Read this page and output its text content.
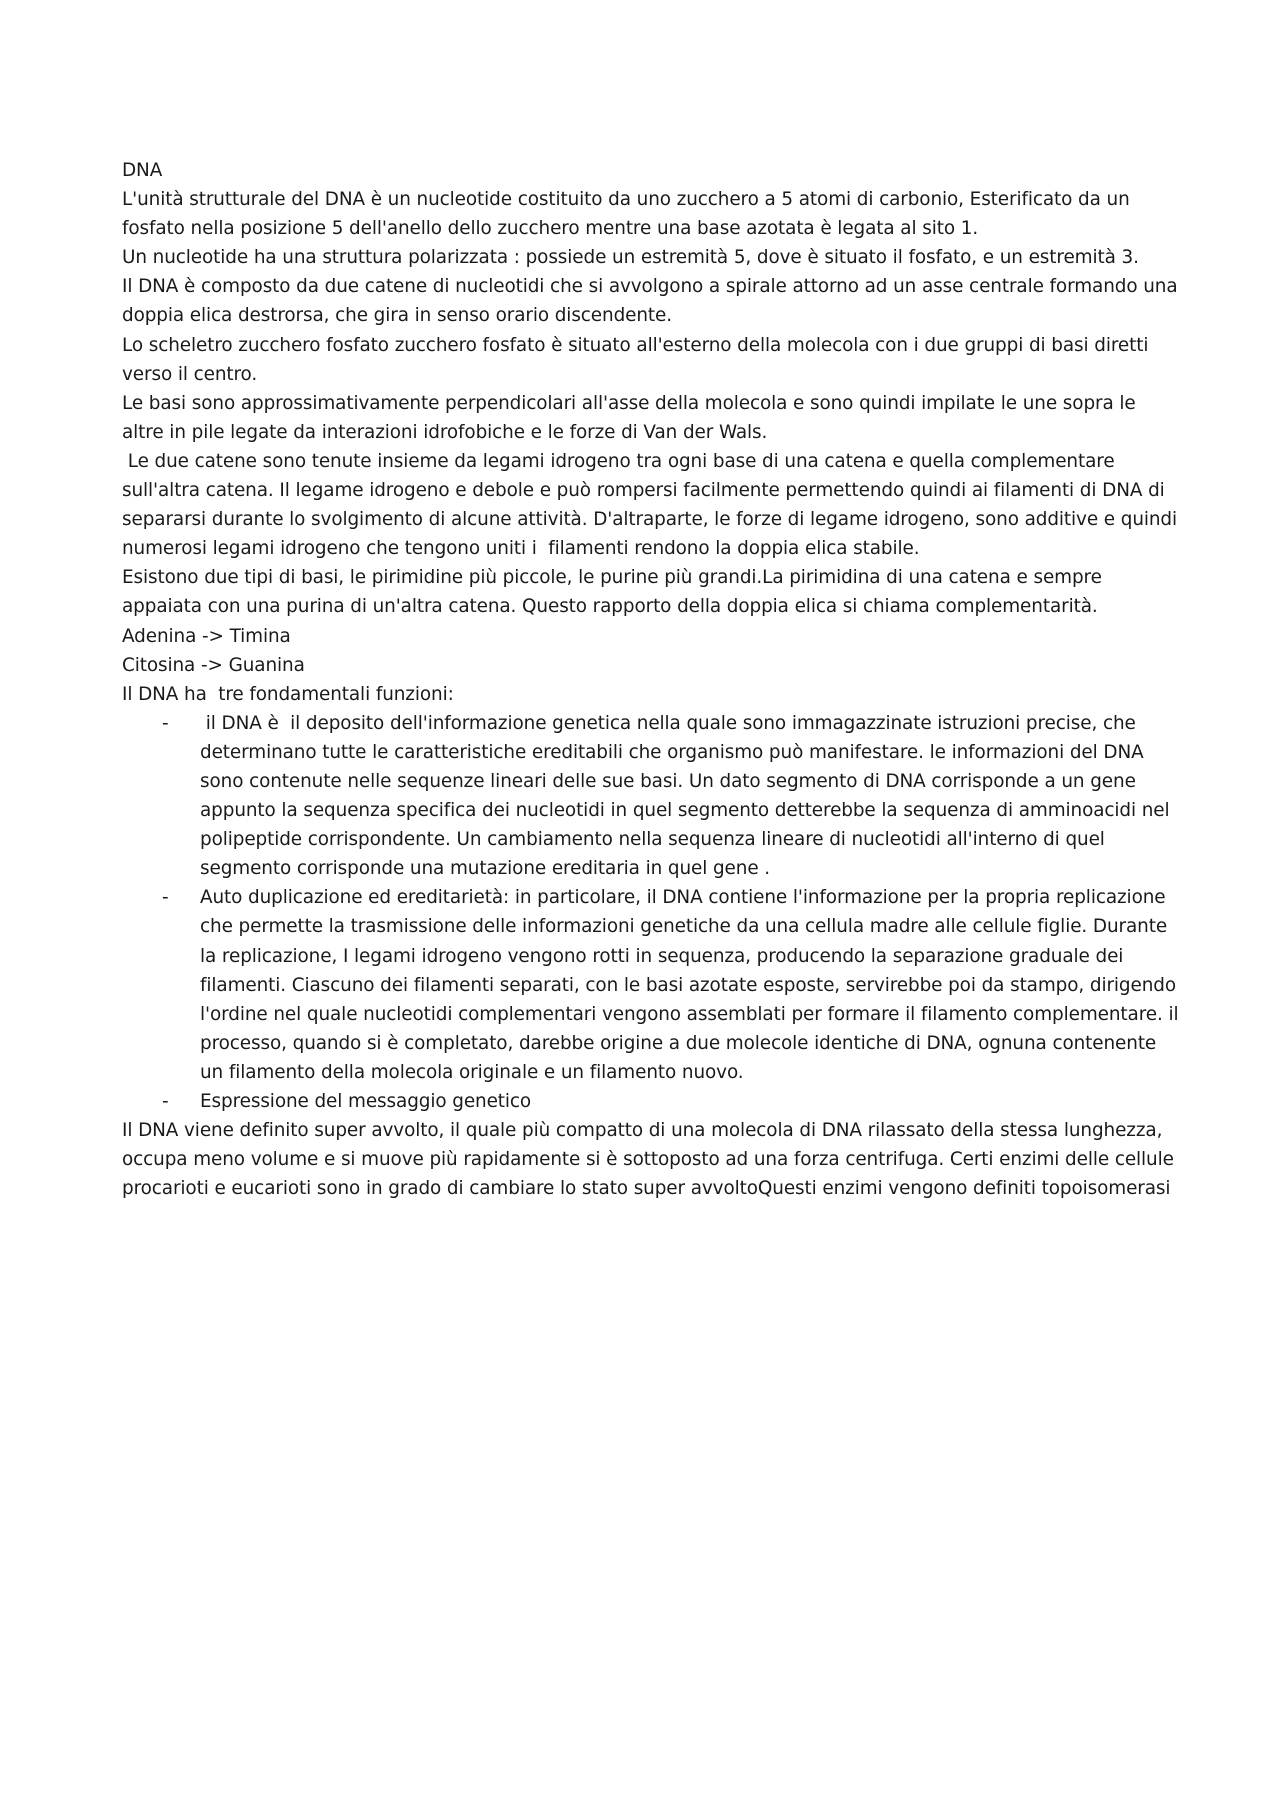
DNA

L'unità strutturale del DNA è un nucleotide costituito da uno zucchero a 5 atomi di carbonio, Esterificato da un fosfato nella posizione 5 dell'anello dello zucchero mentre una base azotata è legata al sito 1.

Un nucleotide ha una struttura polarizzata : possiede un estremità 5, dove è situato il fosfato, e un estremità 3.

Il DNA è composto da due catene di nucleotidi che si avvolgono a spirale attorno ad un asse centrale formando una doppia elica destrorsa, che gira in senso orario discendente.

Lo scheletro zucchero fosfato zucchero fosfato è situato all'esterno della molecola con i due gruppi di basi diretti verso il centro.

Le basi sono approssimativamente perpendicolari all'asse della molecola e sono quindi impilate le une sopra le altre in pile legate da interazioni idrofobiche e le forze di Van der Wals.

Le due catene sono tenute insieme da legami idrogeno tra ogni base di una catena e quella complementare sull'altra catena. Il legame idrogeno e debole e può rompersi facilmente permettendo quindi ai filamenti di DNA di separarsi durante lo svolgimento di alcune attività. D'altraparte, le forze di legame idrogeno, sono additive e quindi numerosi legami idrogeno che tengono uniti i  filamenti rendono la doppia elica stabile.

Esistono due tipi di basi, le pirimidine più piccole, le purine più grandi.La pirimidina di una catena e sempre appaiata con una purina di un'altra catena. Questo rapporto della doppia elica si chiama complementarità.

Adenina -> Timina

Citosina -> Guanina

Il DNA ha  tre fondamentali funzioni:

- il DNA è  il deposito dell'informazione genetica nella quale sono immagazzinate istruzioni precise, che determinano tutte le caratteristiche ereditabili che organismo può manifestare. le informazioni del DNA sono contenute nelle sequenze lineari delle sue basi. Un dato segmento di DNA corrisponde a un gene appunto la sequenza specifica dei nucleotidi in quel segmento detterebbe la sequenza di amminoacidi nel polipeptide corrispondente. Un cambiamento nella sequenza lineare di nucleotidi all'interno di quel segmento corrisponde una mutazione ereditaria in quel gene .
- Auto duplicazione ed ereditarietà: in particolare, il DNA contiene l'informazione per la propria replicazione che permette la trasmissione delle informazioni genetiche da una cellula madre alle cellule figlie. Durante la replicazione, I legami idrogeno vengono rotti in sequenza, producendo la separazione graduale dei filamenti. Ciascuno dei filamenti separati, con le basi azotate esposte, servirebbe poi da stampo, dirigendo l'ordine nel quale nucleotidi complementari vengono assemblati per formare il filamento complementare. il processo, quando si è completato, darebbe origine a due molecole identiche di DNA, ognuna contenente un filamento della molecola originale e un filamento nuovo.
- Espressione del messaggio genetico

Il DNA viene definito super avvolto, il quale più compatto di una molecola di DNA rilassato della stessa lunghezza, occupa meno volume e si muove più rapidamente si è sottoposto ad una forza centrifuga. Certi enzimi delle cellule procarioti e eucarioti sono in grado di cambiare lo stato super avvoltoQuesti enzimi vengono definiti topoisomerasi
